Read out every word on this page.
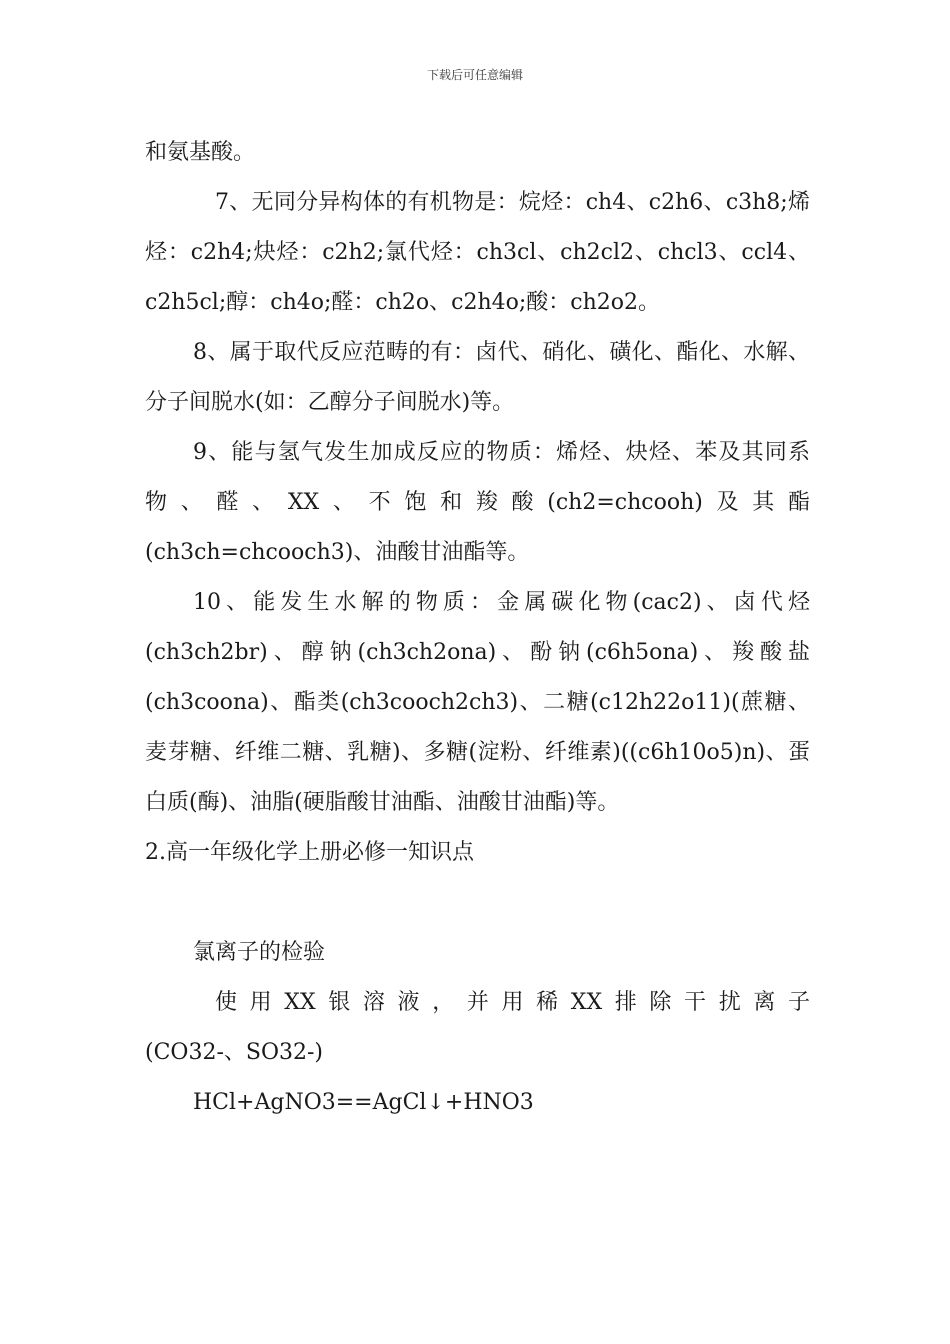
下载后可任意编辑

和氨基酸。

7、无同分异构体的有机物是：烷烃：ch4、c2h6、c3h8;烯烃：c2h4;炔烃：c2h2;氯代烃：ch3cl、ch2cl2、chcl3、ccl4、c2h5cl;醇：ch4o;醛：ch2o、c2h4o;酸：ch2o2。

8、属于取代反应范畴的有：卤代、硝化、磺化、酯化、水解、分子间脱水(如：乙醇分子间脱水)等。

9、能与氢气发生加成反应的物质：烯烃、炔烃、苯及其同系物、醛、XX、不饱和羧酸(ch2=chcooh)及其酯(ch3ch=chcooch3)、油酸甘油酯等。

10、能发生水解的物质：金属碳化物(cac2)、卤代烃(ch3ch2br)、醇钠(ch3ch2ona)、酚钠(c6h5ona)、羧酸盐(ch3coona)、酯类(ch3cooch2ch3)、二糖(c12h22o11)(蔗糖、麦芽糖、纤维二糖、乳糖)、多糖(淀粉、纤维素)((c6h10o5)n)、蛋白质(酶)、油脂(硬脂酸甘油酯、油酸甘油酯)等。

2.高一年级化学上册必修一知识点

氯离子的检验

使用XX银溶液，并用稀XX排除干扰离子

(CO32-、SO32-)

HCl+AgNO3==AgCl↓+HNO3
